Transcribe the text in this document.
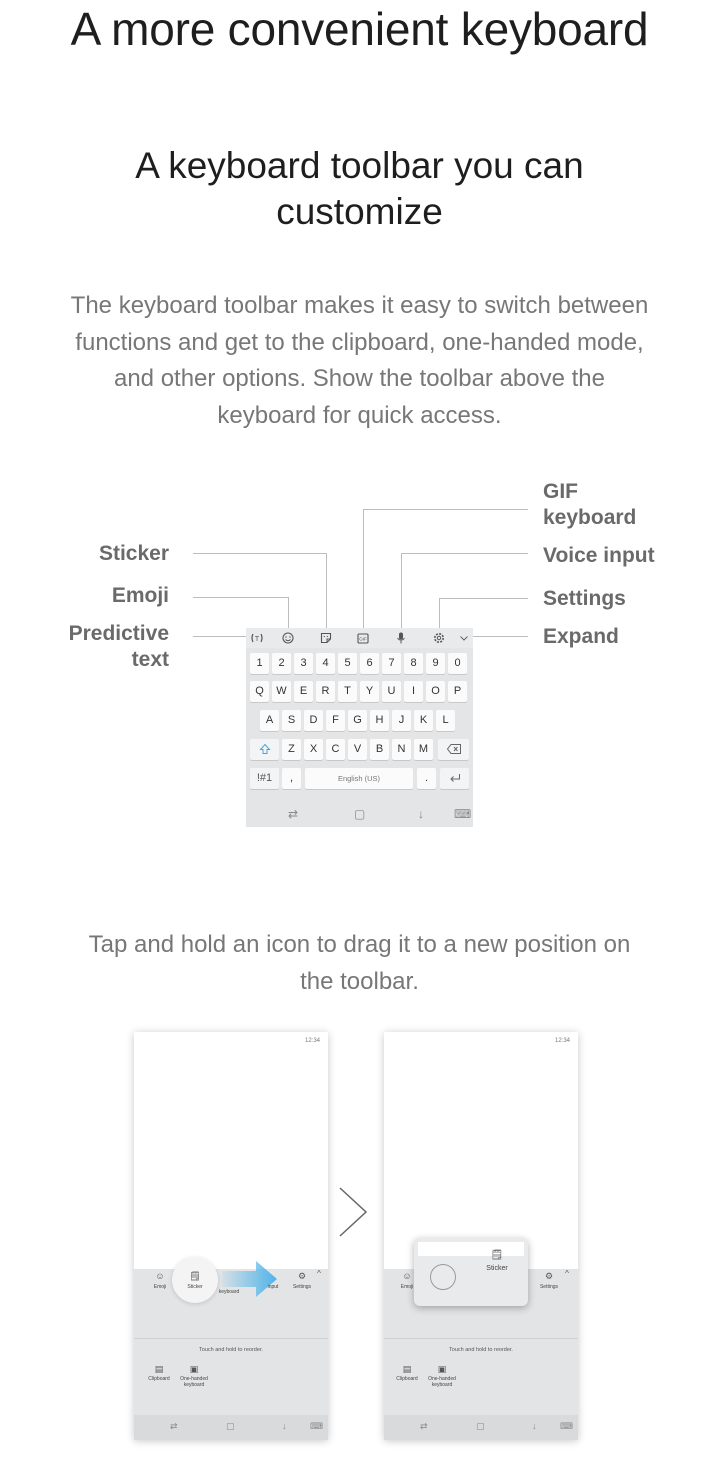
A more convenient keyboard
A keyboard toolbar you can customize

The keyboard toolbar makes it easy to switch between functions and get to the clipboard, one-handed mode, and other options. Show the toolbar above the keyboard for quick access.

GIF keyboard
Sticker	Voice input
Emoji	Settings
Predictive text
Expand
T	GIF
1	2	3	4	5	6	7	8	9	0
Q	W	E	R	T	Y	U	I	O	P
A	S	D	F	G	H	J	K	L
Z	X	C	V	B	N	M
!#1	,	English (US)	.
⇄	▢	↓	⌨

Tap and hold an icon to drag it to a new position on the toolbar.

12:34
☺
Emoji
🗒
Sticker
keyboard
input
⚙
Settings
^
Touch and hold to reorder.
▤
Clipboard
▣
One-handed keyboard
⇄	▢	↓	⌨
12:34
☺
Emoji
⚙
Settings
^
Touch and hold to reorder.
▤
Clipboard
▣
One-handed keyboard
⇄	▢	↓	⌨
🗒
Sticker
